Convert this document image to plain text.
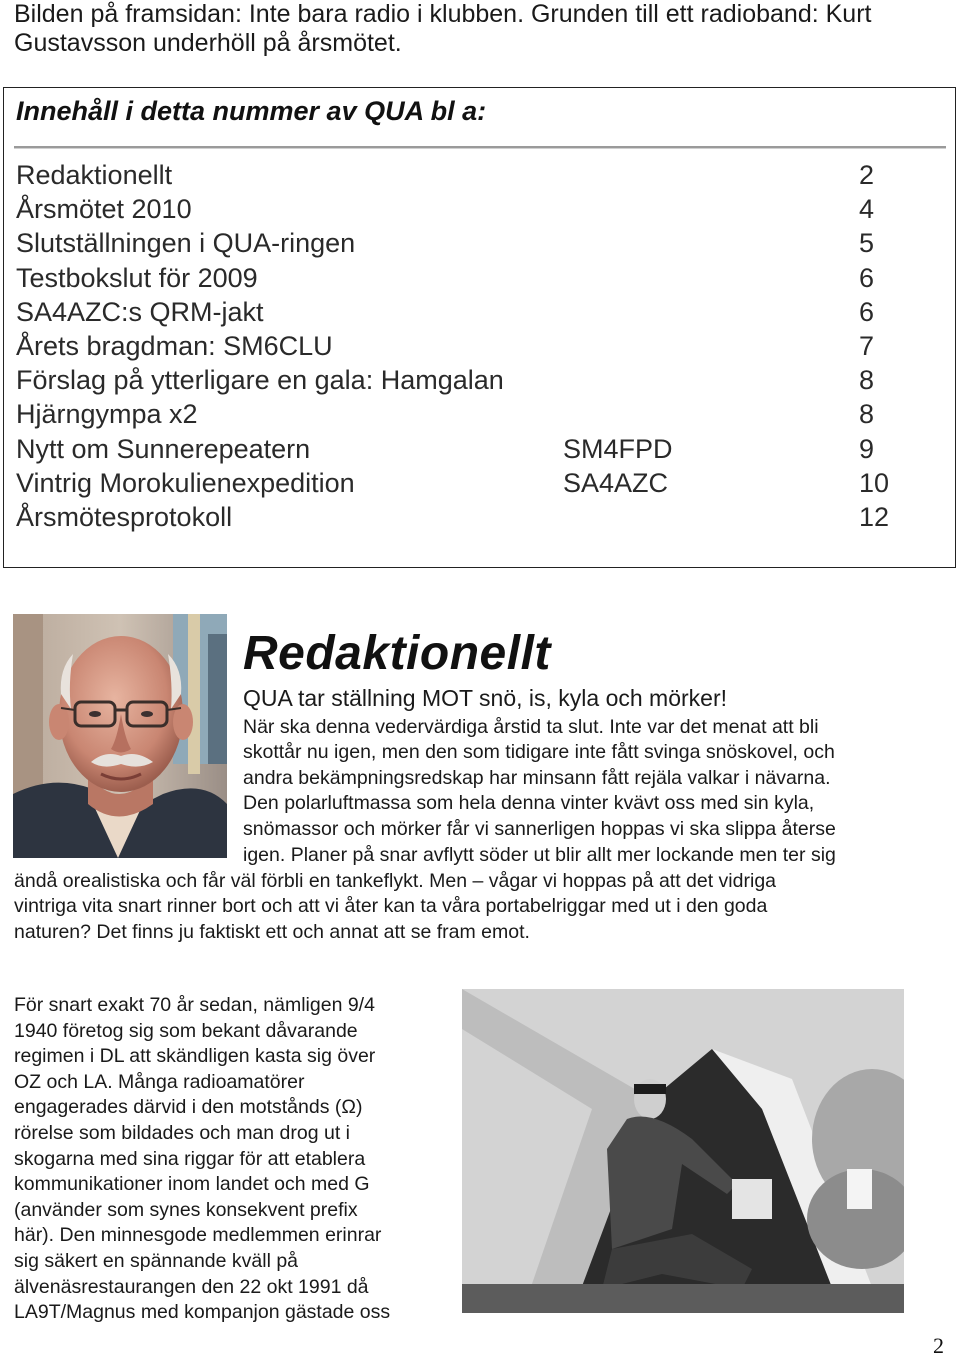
Bilden på framsidan: Inte bara radio i klubben. Grunden till ett radioband: Kurt
Gustavsson underhöll på årsmötet.
Innehåll i detta nummer av QUA bl a:
Redaktionellt	2
Årsmötet 2010	4
Slutställningen i QUA-ringen	5
Testbokslut för 2009	6
SA4AZC:s QRM-jakt	6
Årets bragdman: SM6CLU	7
Förslag på ytterligare en gala: Hamgalan	8
Hjärngympa x2	8
Nytt om Sunnerepeatern	SM4FPD	9
Vintrig Morokulienexpedition	SA4AZC	10
Årsmötesprotokoll	12
Redaktionellt
QUA tar ställning MOT snö, is, kyla och mörker!
När ska denna vedervärdiga årstid ta slut. Inte var det menat att bli
skottår nu igen, men den som tidigare inte fått svinga snöskovel, och
andra bekämpningsredskap har minsann fått rejäla valkar i nävarna.
Den polarluftmassa som hela denna vinter kvävt oss med sin kyla,
snömassor och mörker får vi sannerligen hoppas vi ska slippa återse
igen. Planer på snar avflytt söder ut blir allt mer lockande men ter sig
ändå orealistiska och får väl förbli en tankeflykt. Men – vågar vi hoppas på att det vidriga
vintriga vita snart rinner bort och att vi åter kan ta våra portabelriggar med ut i den goda
naturen? Det finns ju faktiskt ett och annat att se fram emot.
För snart exakt 70 år sedan, nämligen 9/4
1940 företog sig som bekant dåvarande
regimen i DL att skändligen kasta sig över
OZ och LA. Många radioamatörer
engagerades därvid i den motstånds (Ω)
rörelse som bildades och man drog ut i
skogarna med sina riggar för att etablera
kommunikationer inom landet och med G
(använder som synes konsekvent prefix
här). Den minnesgode medlemmen erinrar
sig säkert en spännande kväll på
älvenäsrestaurangen den 22 okt 1991 då
LA9T/Magnus med kompanjon gästade oss
2
